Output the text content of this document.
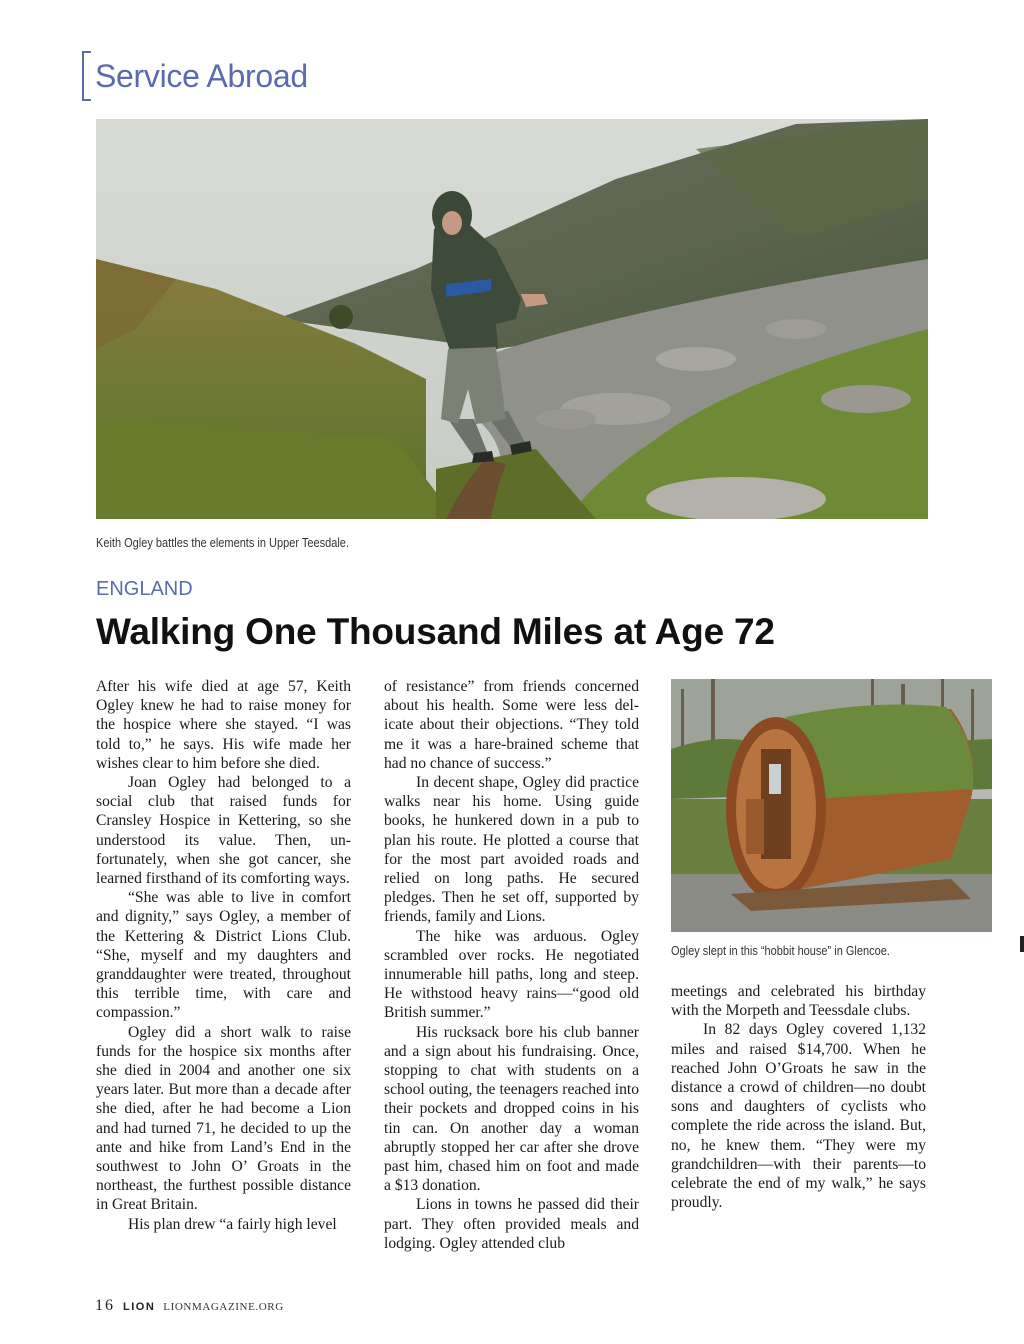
Service Abroad
Keith Ogley battles the elements in Upper Teesdale.
ENGLAND
Walking One Thousand Miles at Age 72

After his wife died at age 57, Keith Ogley knew he had to raise money for the hospice where she stayed. “I was told to,” he says. His wife made her wishes clear to him before she died.

Joan Ogley had belonged to a social club that raised funds for Cransley Hospice in Kettering, so she understood its value. Then, unfortunately, when she got cancer, she learned firsthand of its comforting ways.

“She was able to live in comfort and dignity,” says Ogley, a member of the Kettering & District Lions Club. “She, myself and my daughters and granddaughter were treated, throughout this terrible time, with care and compassion.”

Ogley did a short walk to raise funds for the hospice six months after she died in 2004 and another one six years later. But more than a decade after she died, after he had become a Lion and had turned 71, he decided to up the ante and hike from Land’s End in the southwest to John O’ Groats in the northeast, the furthest possible distance in Great Britain.

His plan drew “a fairly high level

of resistance” from friends concerned about his health. Some were less delicate about their objections. “They told me it was a hare-brained scheme that had no chance of success.”

In decent shape, Ogley did practice walks near his home. Using guide books, he hunkered down in a pub to plan his route. He plotted a course that for the most part avoided roads and relied on long paths. He secured pledges. Then he set off, supported by friends, family and Lions.

The hike was arduous. Ogley scrambled over rocks. He negotiated innumerable hill paths, long and steep. He withstood heavy rains—“good old British summer.”

His rucksack bore his club banner and a sign about his fundraising. Once, stopping to chat with students on a school outing, the teenagers reached into their pockets and dropped coins in his tin can. On another day a woman abruptly stopped her car after she drove past him, chased him on foot and made a $13 donation.

Lions in towns he passed did their part. They often provided meals and lodging. Ogley attended club

Ogley slept in this “hobbit house” in Glencoe.

meetings and celebrated his birthday with the Morpeth and Teessdale clubs.

In 82 days Ogley covered 1,132 miles and raised $14,700. When he reached John O’Groats he saw in the distance a crowd of children—no doubt sons and daughters of cyclists who complete the ride across the island. But, no, he knew them. “They were my grandchildren—with their parents—to celebrate the end of my walk,” he says proudly.

16 LION LIONMAGAZINE.ORG
